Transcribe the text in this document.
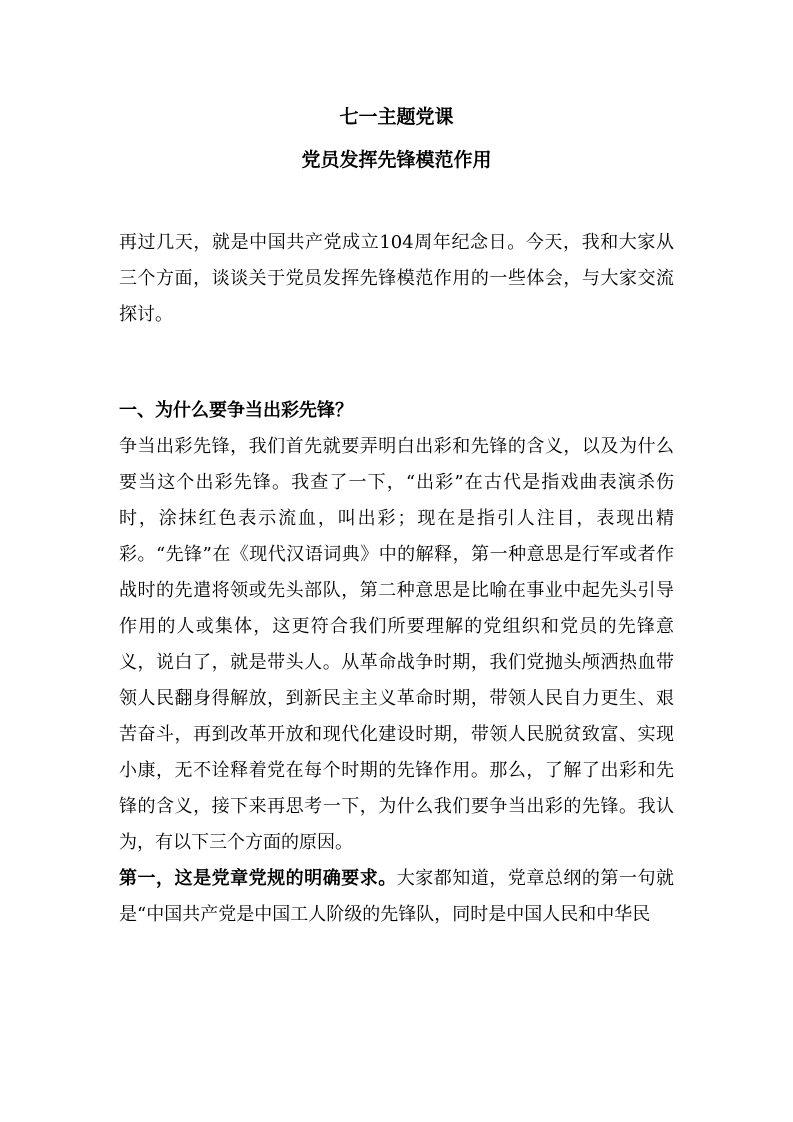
七一主题党课
党员发挥先锋模范作用

再过几天，就是中国共产党成立104周年纪念日。今天，我和大家从三个方面，谈谈关于党员发挥先锋模范作用的一些体会，与大家交流探讨。

一、为什么要争当出彩先锋？

争当出彩先锋，我们首先就要弄明白出彩和先锋的含义，以及为什么要当这个出彩先锋。我查了一下，“出彩”在古代是指戏曲表演杀伤时，涂抹红色表示流血，叫出彩；现在是指引人注目，表现出精彩。“先锋”在《现代汉语词典》中的解释，第一种意思是行军或者作战时的先遣将领或先头部队，第二种意思是比喻在事业中起先头引导作用的人或集体，这更符合我们所要理解的党组织和党员的先锋意义，说白了，就是带头人。从革命战争时期，我们党抛头颅洒热血带领人民翻身得解放，到新民主主义革命时期，带领人民自力更生、艰苦奋斗，再到改革开放和现代化建设时期，带领人民脱贫致富、实现小康，无不诠释着党在每个时期的先锋作用。那么，了解了出彩和先锋的含义，接下来再思考一下，为什么我们要争当出彩的先锋。我认为，有以下三个方面的原因。

第一，这是党章党规的明确要求。大家都知道，党章总纲的第一句就是“中国共产党是中国工人阶级的先锋队，同时是中国人民和中华民
